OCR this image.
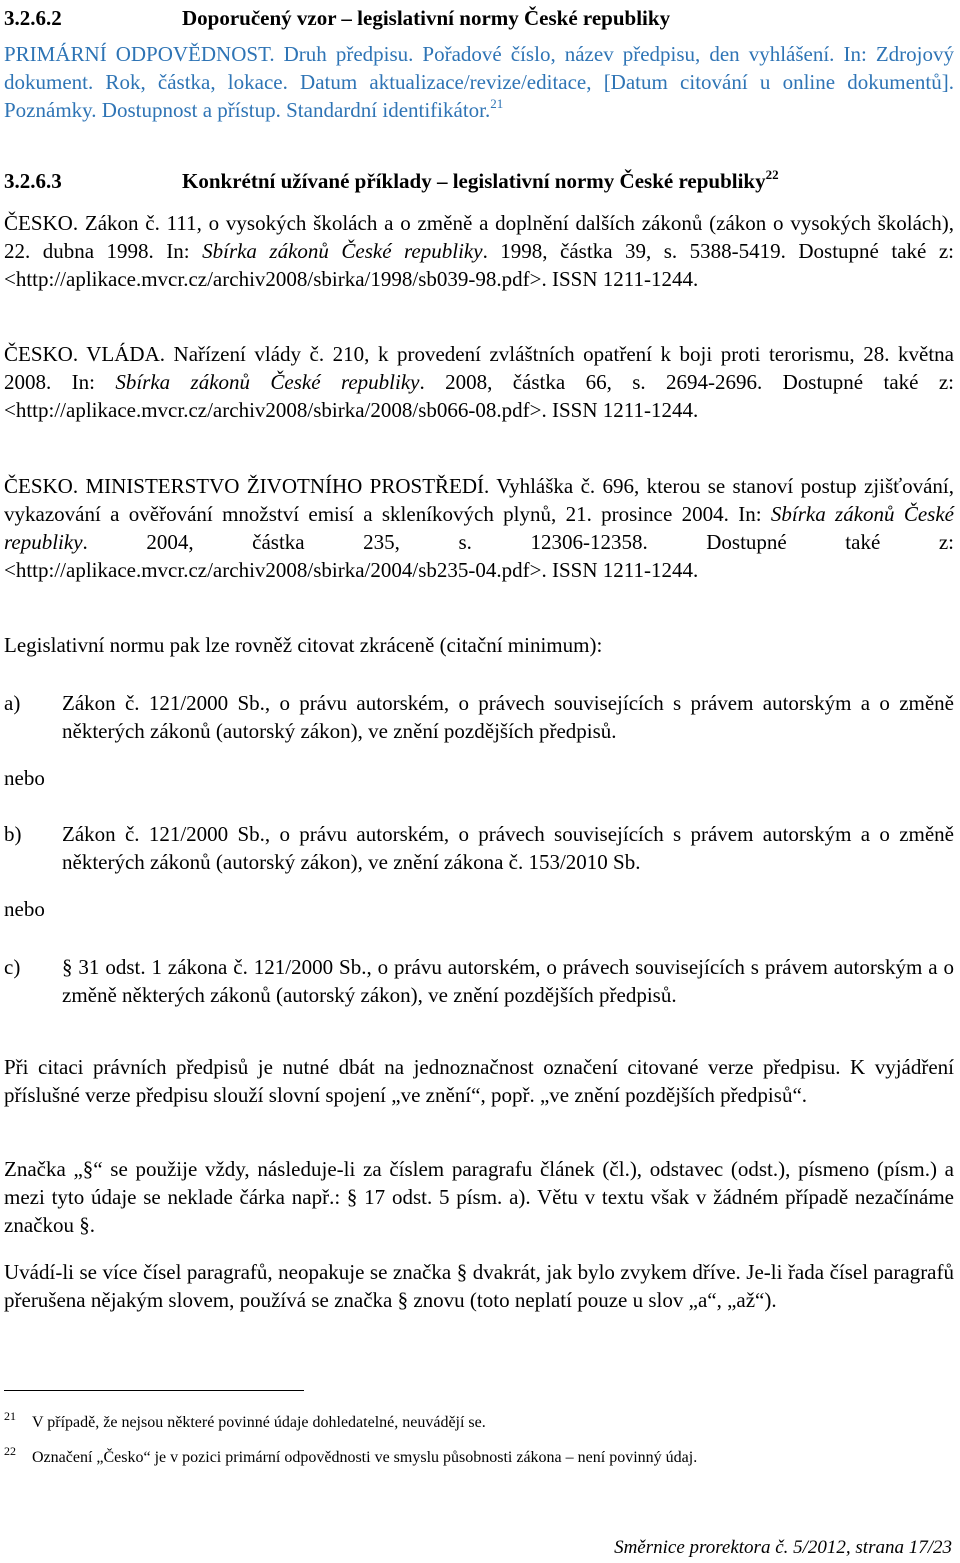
3.2.6.2	Doporučený vzor – legislativní normy České republiky
PRIMÁRNÍ ODPOVĚDNOST. Druh předpisu. Pořadové číslo, název předpisu, den vyhlášení. In: Zdrojový dokument. Rok, částka, lokace. Datum aktualizace/revize/editace, [Datum citování u online dokumentů]. Poznámky. Dostupnost a přístup. Standardní identifikátor.$^{21}$
3.2.6.3	Konkrétní užívané příklady – legislativní normy České republiky$^{22}$
ČESKO. Zákon č. 111, o vysokých školách a o změně a doplnění dalších zákonů (zákon o vysokých školách), 22. dubna 1998. In: Sbírka zákonů České republiky. 1998, částka 39, s. 5388-5419. Dostupné také z: <http://aplikace.mvcr.cz/archiv2008/sbirka/1998/sb039-98.pdf>. ISSN 1211-1244.
ČESKO. VLÁDA. Nařízení vlády č. 210, k provedení zvláštních opatření k boji proti terorismu, 28. května 2008. In: Sbírka zákonů České republiky. 2008, částka 66, s. 2694-2696. Dostupné také z: <http://aplikace.mvcr.cz/archiv2008/sbirka/2008/sb066-08.pdf>. ISSN 1211-1244.
ČESKO. MINISTERSTVO ŽIVOTNÍHO PROSTŘEDÍ. Vyhláška č. 696, kterou se stanoví postup zjišťování, vykazování a ověřování množství emisí a skleníkových plynů, 21. prosince 2004. In: Sbírka zákonů České republiky. 2004, částka 235, s. 12306-12358. Dostupné také z: <http://aplikace.mvcr.cz/archiv2008/sbirka/2004/sb235-04.pdf>. ISSN 1211-1244.
Legislativní normu pak lze rovněž citovat zkráceně (citační minimum):
a)	Zákon č. 121/2000 Sb., o právu autorském, o právech souvisejících s právem autorským a o změně některých zákonů (autorský zákon), ve znění pozdějších předpisů.
nebo
b)	Zákon č. 121/2000 Sb., o právu autorském, o právech souvisejících s právem autorským a o změně některých zákonů (autorský zákon), ve znění zákona č. 153/2010 Sb.
nebo
c)	§ 31 odst. 1 zákona č. 121/2000 Sb., o právu autorském, o právech souvisejících s právem autorským a o změně některých zákonů (autorský zákon), ve znění pozdějších předpisů.
Při citaci právních předpisů je nutné dbát na jednoznačnost označení citované verze předpisu. K vyjádření příslušné verze předpisu slouží slovní spojení „ve znění“, popř. „ve znění pozdějších předpisů“.
Značka „§“ se použije vždy, následuje-li za číslem paragrafu článek (čl.), odstavec (odst.), písmeno (písm.) a mezi tyto údaje se neklade čárka např.: § 17 odst. 5 písm. a). Větu v textu však v žádném případě nezačínáme značkou §.
Uvádí-li se více čísel paragrafů, neopakuje se značka § dvakrát, jak bylo zvykem dříve. Je-li řada čísel paragrafů přerušena nějakým slovem, používá se značka § znovu (toto neplatí pouze u slov „a“, „až“).
21 V případě, že nejsou některé povinné údaje dohledatelné, neuvádějí se.
22 Označení „Česko“ je v pozici primární odpovědnosti ve smyslu působnosti zákona – není povinný údaj.
Směrnice prorektora č. 5/2012, strana 17/23
